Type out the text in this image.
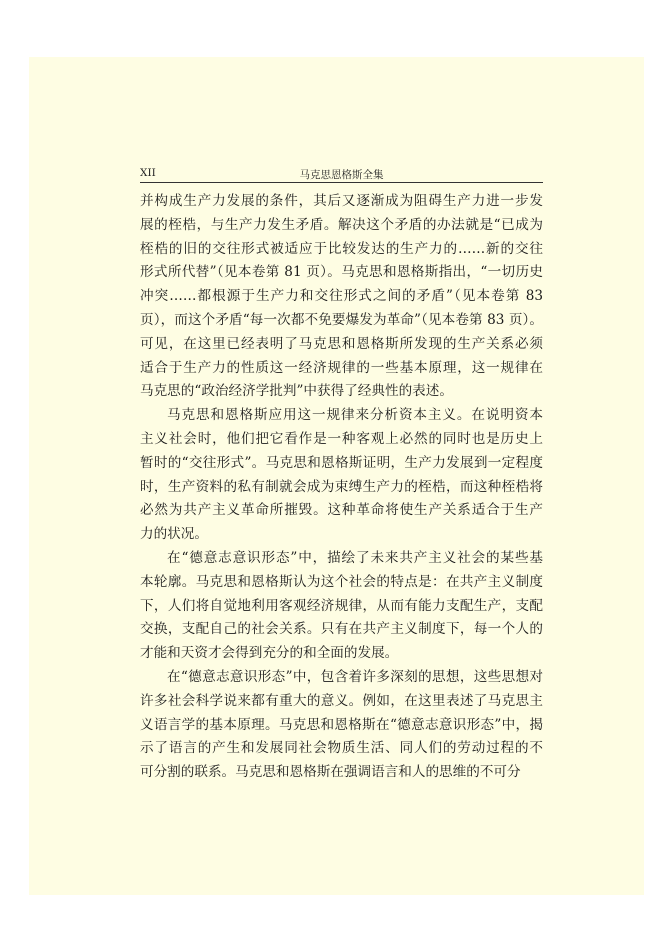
XII	马克思恩格斯全集
并构成生产力发展的条件，其后又逐渐成为阻碍生产力进一步发
展的桎梏，与生产力发生矛盾。解决这个矛盾的办法就是“已成为
桎梏的旧的交往形式被适应于比较发达的生产力的……新的交往
形式所代替”（见本卷第 81 页）。马克思和恩格斯指出，“一切历史
冲突……都根源于生产力和交往形式之间的矛盾”（见本卷第 83
页），而这个矛盾“每一次都不免要爆发为革命”（见本卷第 83 页）。
可见，在这里已经表明了马克思和恩格斯所发现的生产关系必须
适合于生产力的性质这一经济规律的一些基本原理，这一规律在
马克思的“政治经济学批判”中获得了经典性的表述。
马克思和恩格斯应用这一规律来分析资本主义。在说明资本
主义社会时，他们把它看作是一种客观上必然的同时也是历史上
暂时的“交往形式”。马克思和恩格斯证明，生产力发展到一定程度
时，生产资料的私有制就会成为束缚生产力的桎梏，而这种桎梏将
必然为共产主义革命所摧毁。这种革命将使生产关系适合于生产
力的状况。
在“德意志意识形态”中，描绘了未来共产主义社会的某些基
本轮廓。马克思和恩格斯认为这个社会的特点是：在共产主义制度
下，人们将自觉地利用客观经济规律，从而有能力支配生产，支配
交换，支配自己的社会关系。只有在共产主义制度下，每一个人的
才能和天资才会得到充分的和全面的发展。
在“德意志意识形态”中，包含着许多深刻的思想，这些思想对
许多社会科学说来都有重大的意义。例如，在这里表述了马克思主
义语言学的基本原理。马克思和恩格斯在“德意志意识形态”中，揭
示了语言的产生和发展同社会物质生活、同人们的劳动过程的不
可分割的联系。马克思和恩格斯在强调语言和人的思维的不可分
